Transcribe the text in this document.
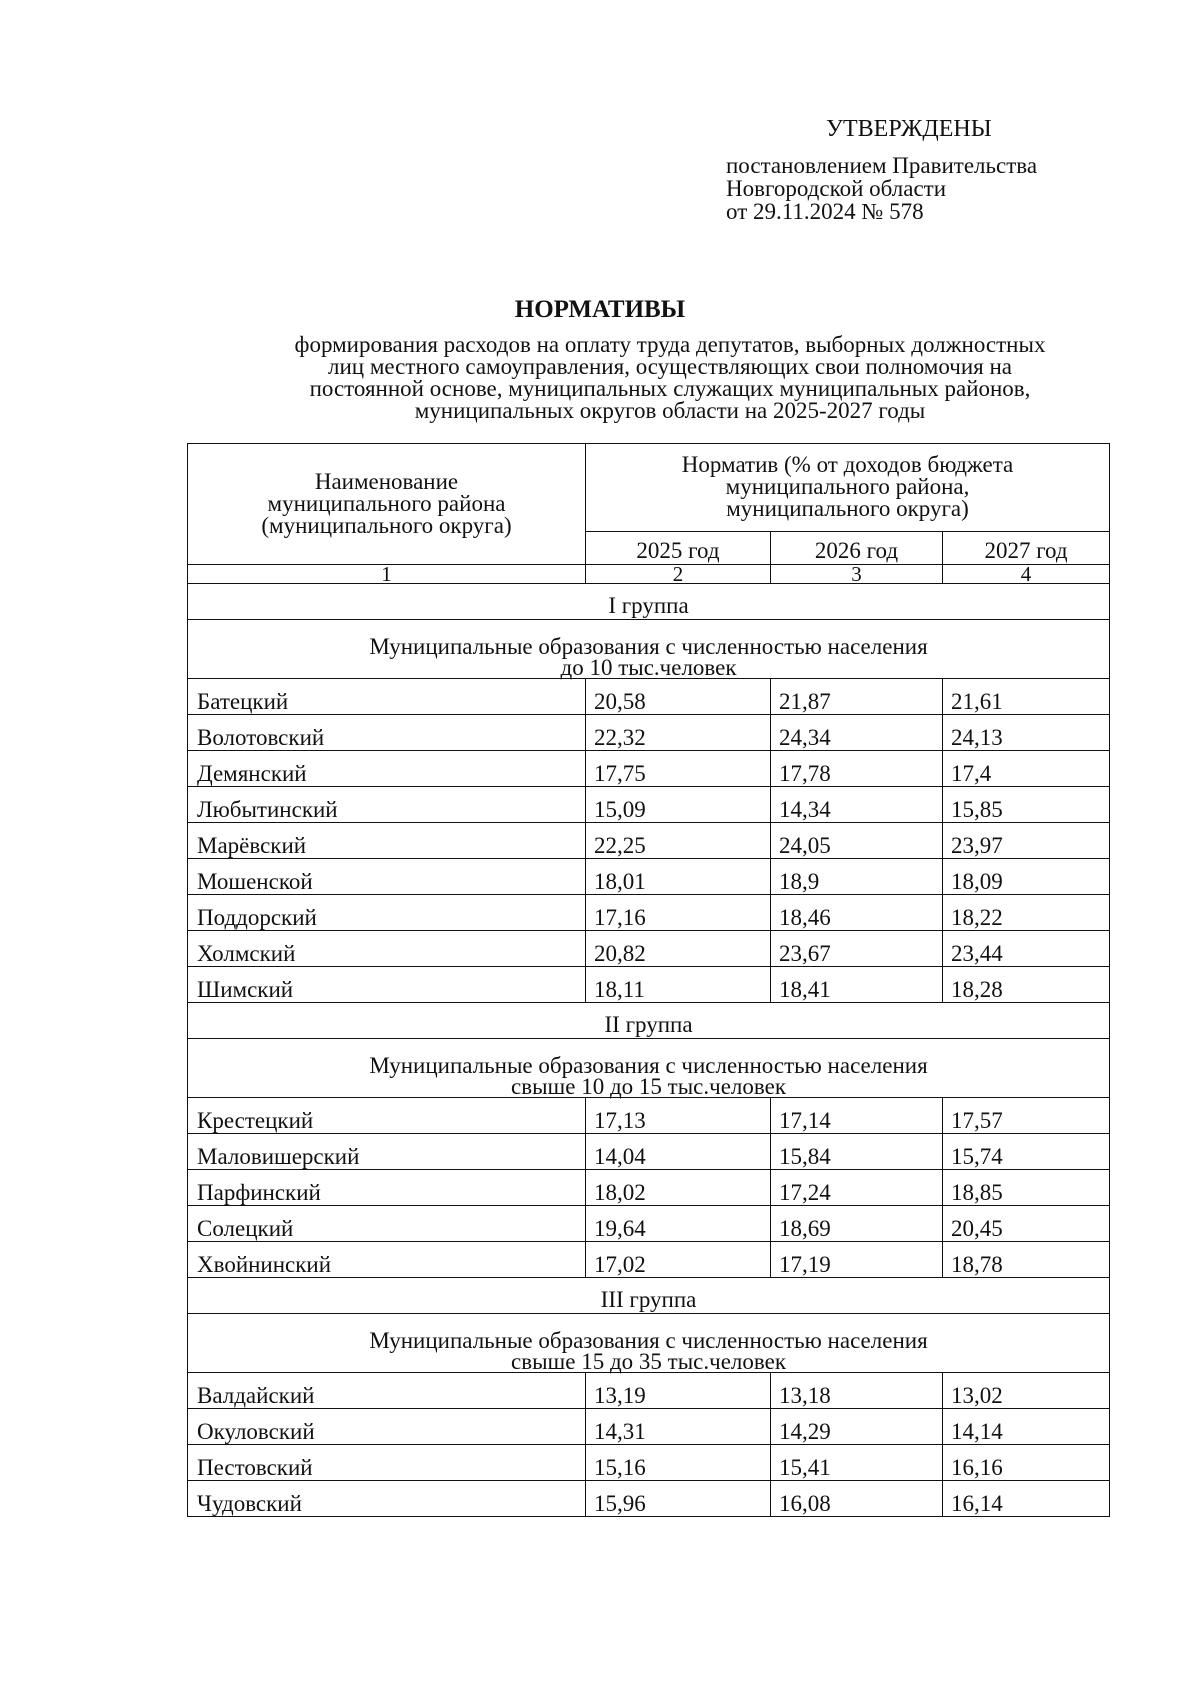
УТВЕРЖДЕНЫ
постановлением Правительства
Новгородской области
от 29.11.2024 № 578
НОРМАТИВЫ
формирования расходов на оплату труда депутатов, выборных должностных
лиц местного самоуправления, осуществляющих свои полномочия на
постоянной основе, муниципальных служащих муниципальных районов,
муниципальных округов области на 2025-2027 годы
Наименование
муниципального района
(муниципального округа)	Норматив (% от доходов бюджета
муниципального района,
муниципального округа)		

	2025 год	2026 год	2027 год
1	2	3	4
I группа			

Муниципальные образования с численностью населения
до 10 тыс.человек			

Батецкий	20,58	21,87	21,61
Волотовский	22,32	24,34	24,13
Демянский	17,75	17,78	17,4
Любытинский	15,09	14,34	15,85
Марёвский	22,25	24,05	23,97
Мошенской	18,01	18,9	18,09
Поддорский	17,16	18,46	18,22
Холмский	20,82	23,67	23,44
Шимский	18,11	18,41	18,28
II группа			

Муниципальные образования с численностью населения
свыше 10 до 15 тыс.человек			

Крестецкий	17,13	17,14	17,57
Маловишерский	14,04	15,84	15,74
Парфинский	18,02	17,24	18,85
Солецкий	19,64	18,69	20,45
Хвойнинский	17,02	17,19	18,78
III группа			

Муниципальные образования с численностью населения
свыше 15 до 35 тыс.человек			

Валдайский	13,19	13,18	13,02
Окуловский	14,31	14,29	14,14
Пестовский	15,16	15,41	16,16
Чудовский	15,96	16,08	16,14
